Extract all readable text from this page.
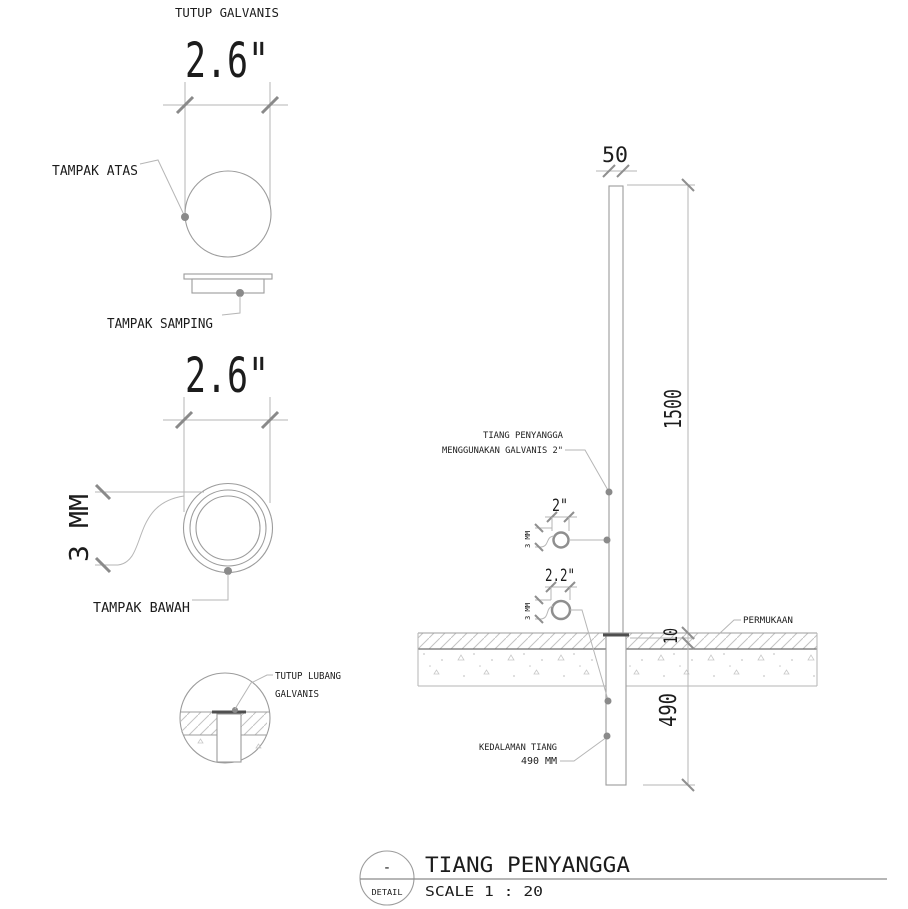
TUTUP GALVANIS
2.6"
TAMPAK ATAS
TAMPAK SAMPING
2.6"
3 MM
TAMPAK BAWAH
TUTUP LUBANG
GALVANIS
50
1500
10
490
TIANG PENYANGGA
MENGGUNAKAN GALVANIS 2"
2"
3 MM
2.2"
3 MM
PERMUKAAN
KEDALAMAN TIANG
490 MM
-
DETAIL
TIANG PENYANGGA
SCALE 1 : 20
